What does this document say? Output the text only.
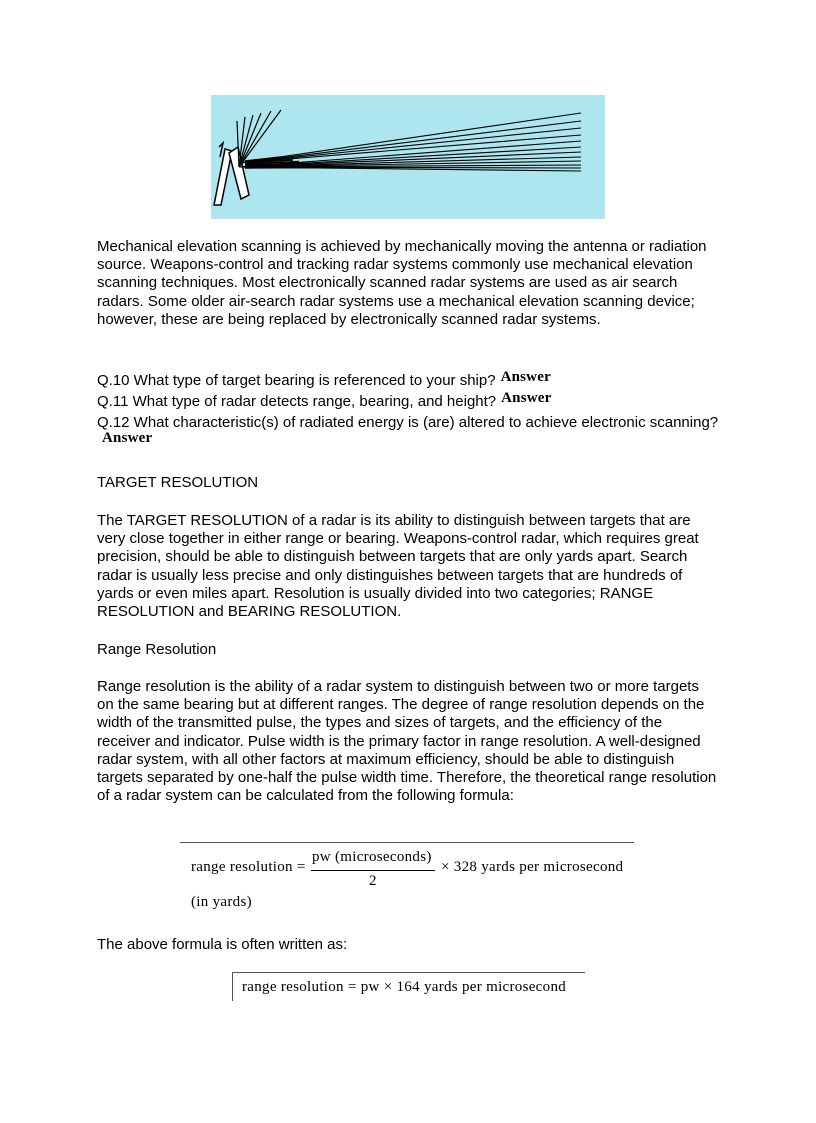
Mechanical elevation scanning is achieved by mechanically moving the antenna or radiation source. Weapons-control and tracking radar systems commonly use mechanical elevation scanning techniques. Most electronically scanned radar systems are used as air search radars. Some older air-search radar systems use a mechanical elevation scanning device; however, these are being replaced by electronically scanned radar systems.

Q.10 What type of target bearing is referenced to your ship? Answer

Q.11 What type of radar detects range, bearing, and height? Answer

Q.12 What characteristic(s) of radiated energy is (are) altered to achieve electronic scanning?Answer

TARGET RESOLUTION

The TARGET RESOLUTION of a radar is its ability to distinguish between targets that are very close together in either range or bearing. Weapons-control radar, which requires great precision, should be able to distinguish between targets that are only yards apart. Search radar is usually less precise and only distinguishes between targets that are hundreds of yards or even miles apart. Resolution is usually divided into two categories; RANGE RESOLUTION and BEARING RESOLUTION.

Range Resolution

Range resolution is the ability of a radar system to distinguish between two or more targets on the same bearing but at different ranges. The degree of range resolution depends on the width of the transmitted pulse, the types and sizes of targets, and the efficiency of the receiver and indicator. Pulse width is the primary factor in range resolution. A well-designed radar system, with all other factors at maximum efficiency, should be able to distinguish targets separated by one-half the pulse width time. Therefore, the theoretical range resolution of a radar system can be calculated from the following formula:

range resolution =
(in yards)
pw (microseconds)
2
× 328 yards per microsecond

The above formula is often written as:

range resolution = pw × 164 yards per microsecond
